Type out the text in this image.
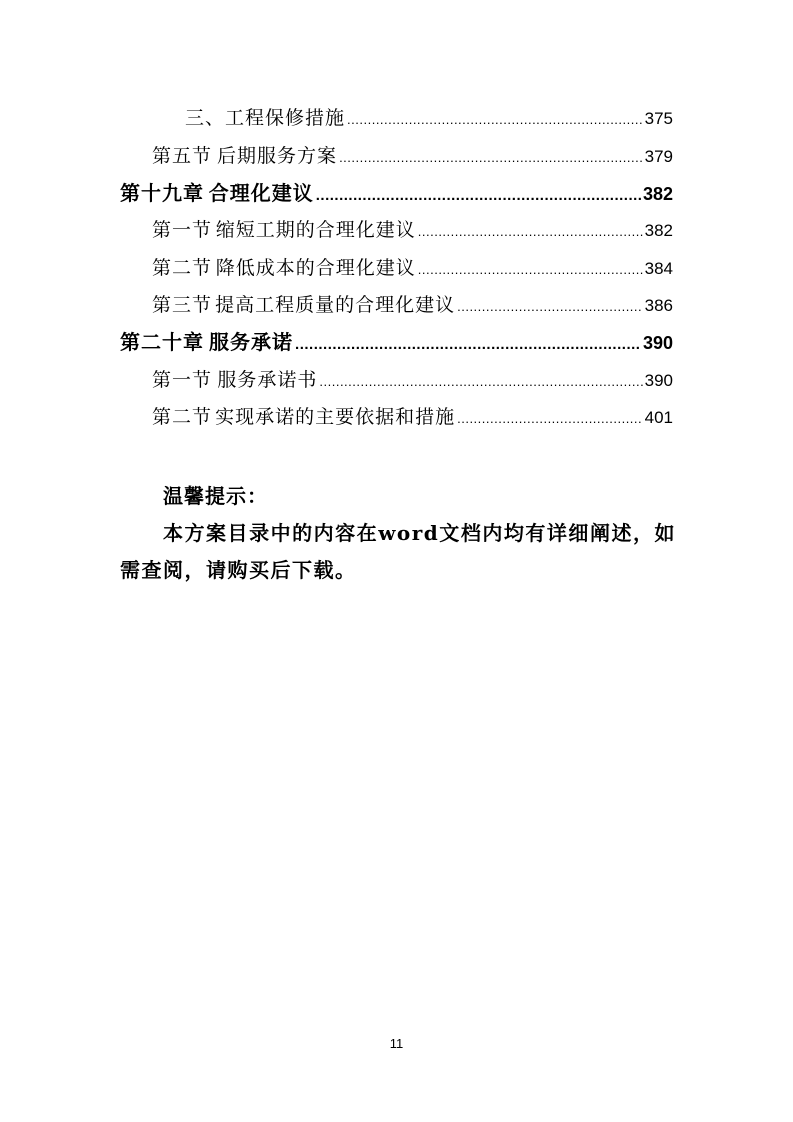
三、 工程保修措施 .....	375
第五节 后期服务方案 .....	379
第十九章 合理化建议 .....	382
第一节 缩短工期的合理化建议 .....	382
第二节 降低成本的合理化建议 .....	384
第三节 提高工程质量的合理化建议 .....	386
第二十章 服务承诺 .....	390
第一节 服务承诺书 .....	390
第二节 实现承诺的主要依据和措施 .....	401
温馨提示：
本方案目录中的内容在word文档内均有详细阐述，如需查阅，请购买后下载。
11
